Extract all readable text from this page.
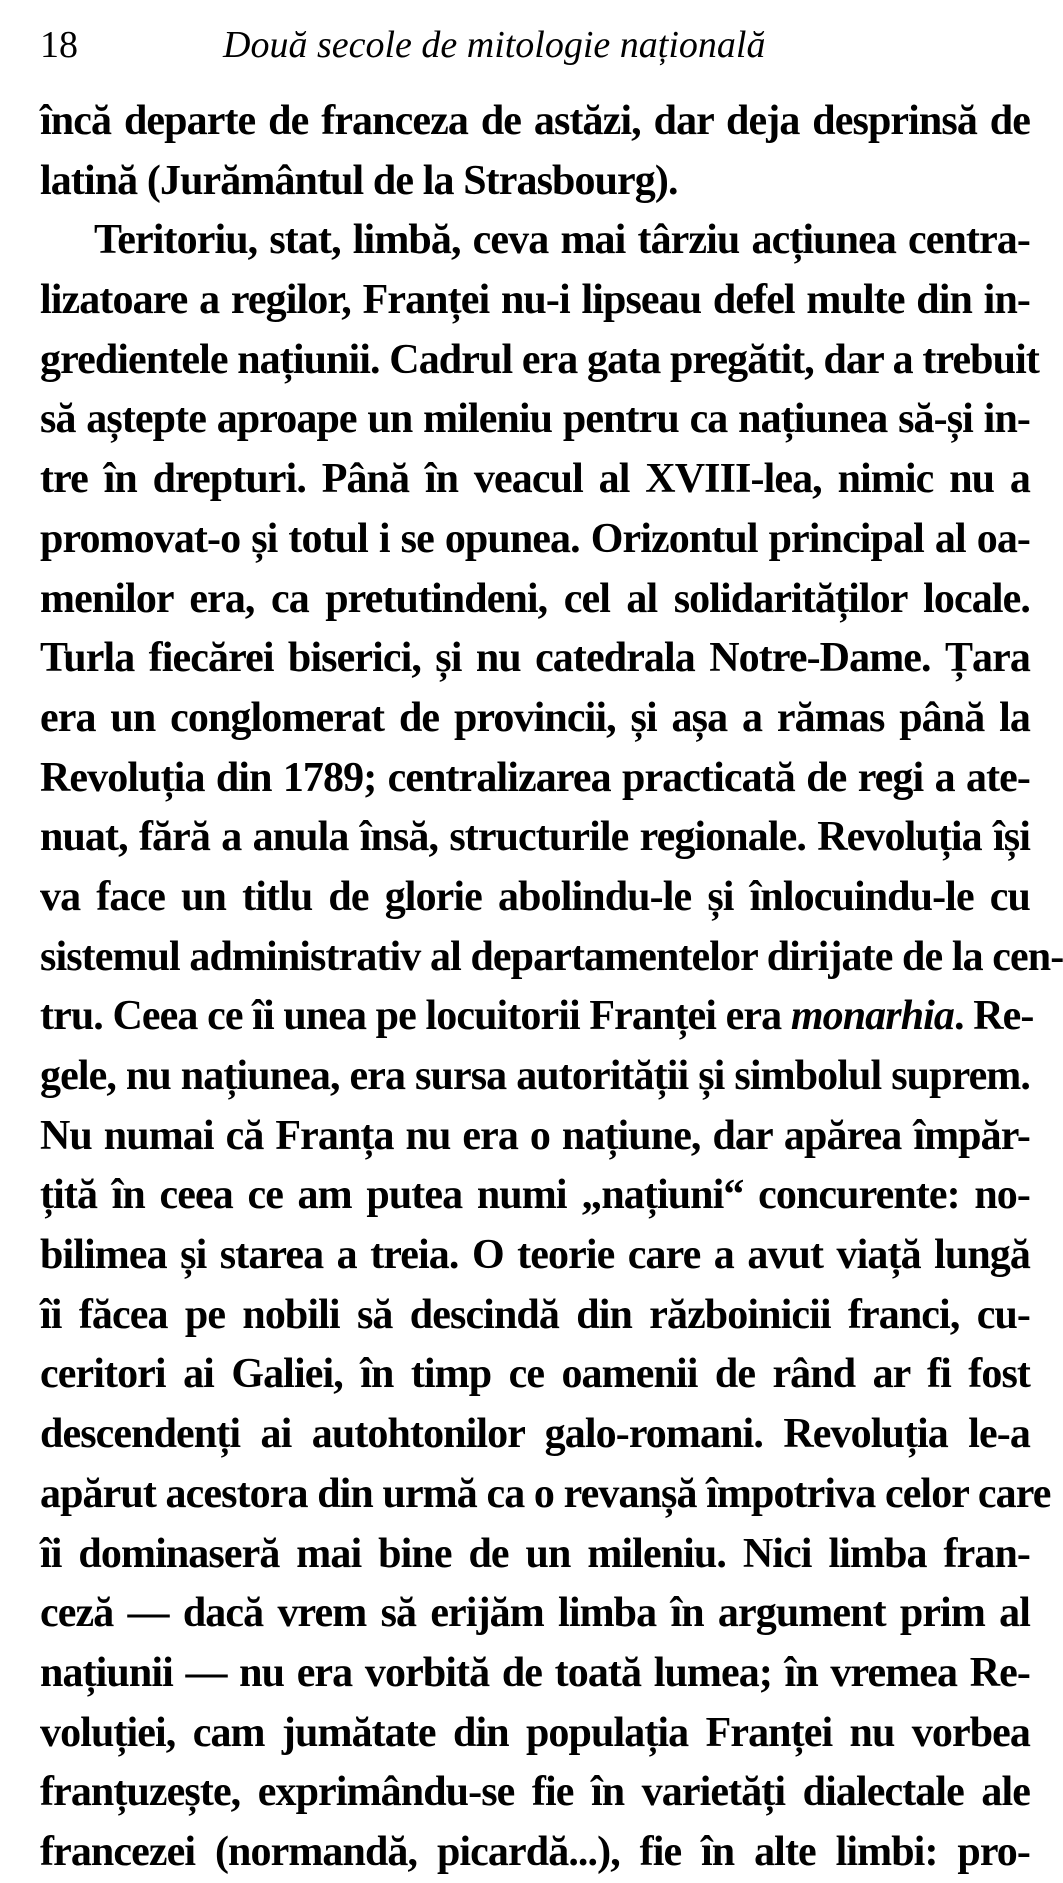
18	Două secole de mitologie națională
încă departe de franceza de astăzi, dar deja desprinsă de
latină (Jurământul de la Strasbourg).
Teritoriu, stat, limbă, ceva mai târziu acțiunea centra-
lizatoare a regilor, Franței nu-i lipseau defel multe din in-
gredientele națiunii. Cadrul era gata pregătit, dar a trebuit
să aștepte aproape un mileniu pentru ca națiunea să-și in-
tre în drepturi. Până în veacul al XVIII-lea, nimic nu a
promovat-o și totul i se opunea. Orizontul principal al oa-
menilor era, ca pretutindeni, cel al solidarităților locale.
Turla fiecărei biserici, și nu catedrala Notre-Dame. Țara
era un conglomerat de provincii, și așa a rămas până la
Revoluția din 1789; centralizarea practicată de regi a ate-
nuat, fără a anula însă, structurile regionale. Revoluția își
va face un titlu de glorie abolindu-le și înlocuindu-le cu
sistemul administrativ al departamentelor dirijate de la cen-
tru. Ceea ce îi unea pe locuitorii Franței era monarhia. Re-
gele, nu națiunea, era sursa autorității și simbolul suprem.
Nu numai că Franța nu era o națiune, dar apărea împăr-
țită în ceea ce am putea numi „națiuni“ concurente: no-
bilimea și starea a treia. O teorie care a avut viață lungă
îi făcea pe nobili să descindă din războinicii franci, cu-
ceritori ai Galiei, în timp ce oamenii de rând ar fi fost
descendenți ai autohtonilor galo-romani. Revoluția le-a
apărut acestora din urmă ca o revanșă împotriva celor care
îi dominaseră mai bine de un mileniu. Nici limba fran-
ceză — dacă vrem să erijăm limba în argument prim al
națiunii — nu era vorbită de toată lumea; în vremea Re-
voluției, cam jumătate din populația Franței nu vorbea
franțuzește, exprimându-se fie în varietăți dialectale ale
francezei (normandă, picardă...), fie în alte limbi: pro-
